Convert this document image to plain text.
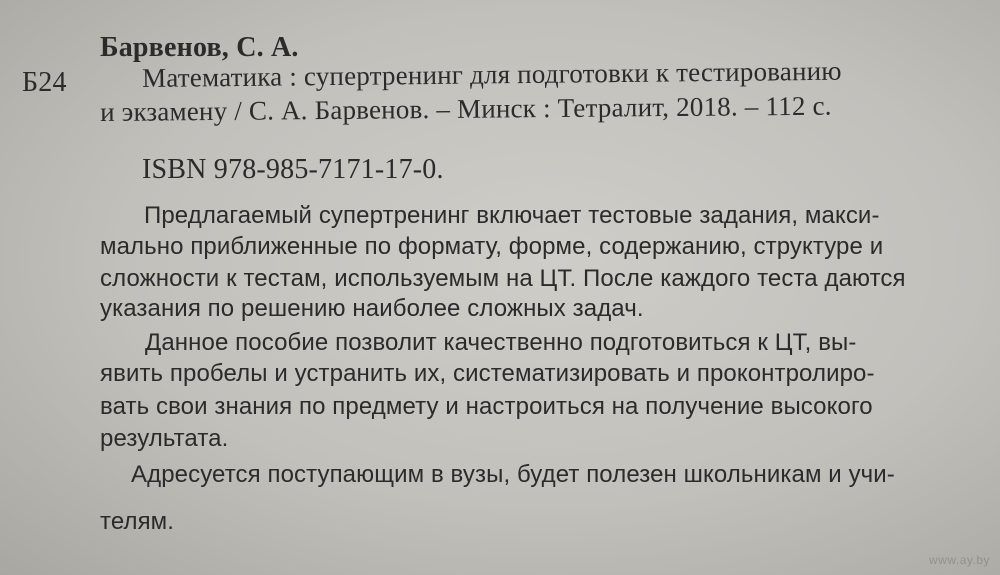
Барвенов, С. А.
Б24	Математика : супертренинг для подготовки к тестированию
и экзамену / С. А. Барвенов. – Минск : Тетралит, 2018. – 112 с.
ISBN 978-985-7171-17-0.
Предлагаемый супертренинг включает тестовые задания, макси-
мально приближенные по формату, форме, содержанию, структуре и
сложности к тестам, используемым на ЦТ. После каждого теста даются
указания по решению наиболее сложных задач.
Данное пособие позволит качественно подготовиться к ЦТ, вы-
явить пробелы и устранить их, систематизировать и проконтролиро-
вать свои знания по предмету и настроиться на получение высокого
результата.
Адресуется поступающим в вузы, будет полезен школьникам и учи-
телям.
www.ay.by
